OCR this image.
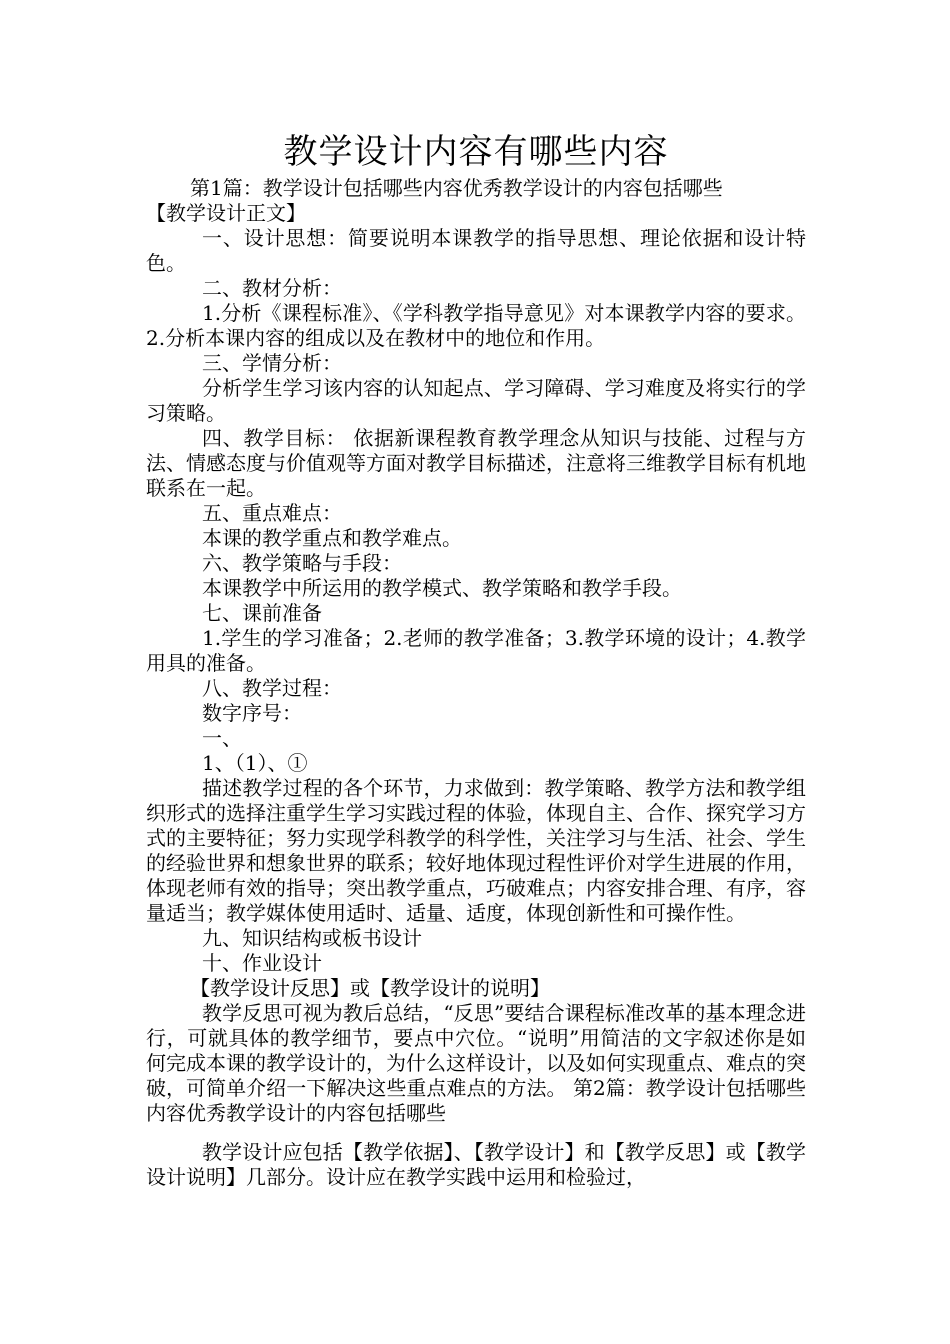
教学设计内容有哪些内容

第1篇：教学设计包括哪些内容优秀教学设计的内容包括哪些

【教学设计正文】

一、设计思想：简要说明本课教学的指导思想、理论依据和设计特色。

二、教材分析：

1.分析《课程标准》、《学科教学指导意见》对本课教学内容的要求。 2.分析本课内容的组成以及在教材中的地位和作用。

三、学情分析：

分析学生学习该内容的认知起点、学习障碍、学习难度及将实行的学习策略。

四、教学目标： 依据新课程教育教学理念从知识与技能、过程与方法、情感态度与价值观等方面对教学目标描述，注意将三维教学目标有机地联系在一起。

五、重点难点：

本课的教学重点和教学难点。

六、教学策略与手段：

本课教学中所运用的教学模式、教学策略和教学手段。

七、课前准备

1.学生的学习准备；2.老师的教学准备；3.教学环境的设计；4.教学用具的准备。

八、教学过程：

数字序号：

一、

1、（1）、①

描述教学过程的各个环节，力求做到：教学策略、教学方法和教学组织形式的选择注重学生学习实践过程的体验，体现自主、合作、探究学习方式的主要特征；努力实现学科教学的科学性，关注学习与生活、社会、学生的经验世界和想象世界的联系；较好地体现过程性评价对学生进展的作用，体现老师有效的指导；突出教学重点，巧破难点；内容安排合理、有序，容量适当；教学媒体使用适时、适量、适度，体现创新性和可操作性。

九、知识结构或板书设计

十、作业设计

【教学设计反思】或【教学设计的说明】

教学反思可视为教后总结，“反思”要结合课程标准改革的基本理念进行，可就具体的教学细节，要点中穴位。“说明”用简洁的文字叙述你是如何完成本课的教学设计的，为什么这样设计，以及如何实现重点、难点的突破，可简单介绍一下解决这些重点难点的方法。 第2篇：教学设计包括哪些内容优秀教学设计的内容包括哪些

教学设计应包括【教学依据】、【教学设计】和【教学反思】或【教学设计说明】几部分。设计应在教学实践中运用和检验过，
